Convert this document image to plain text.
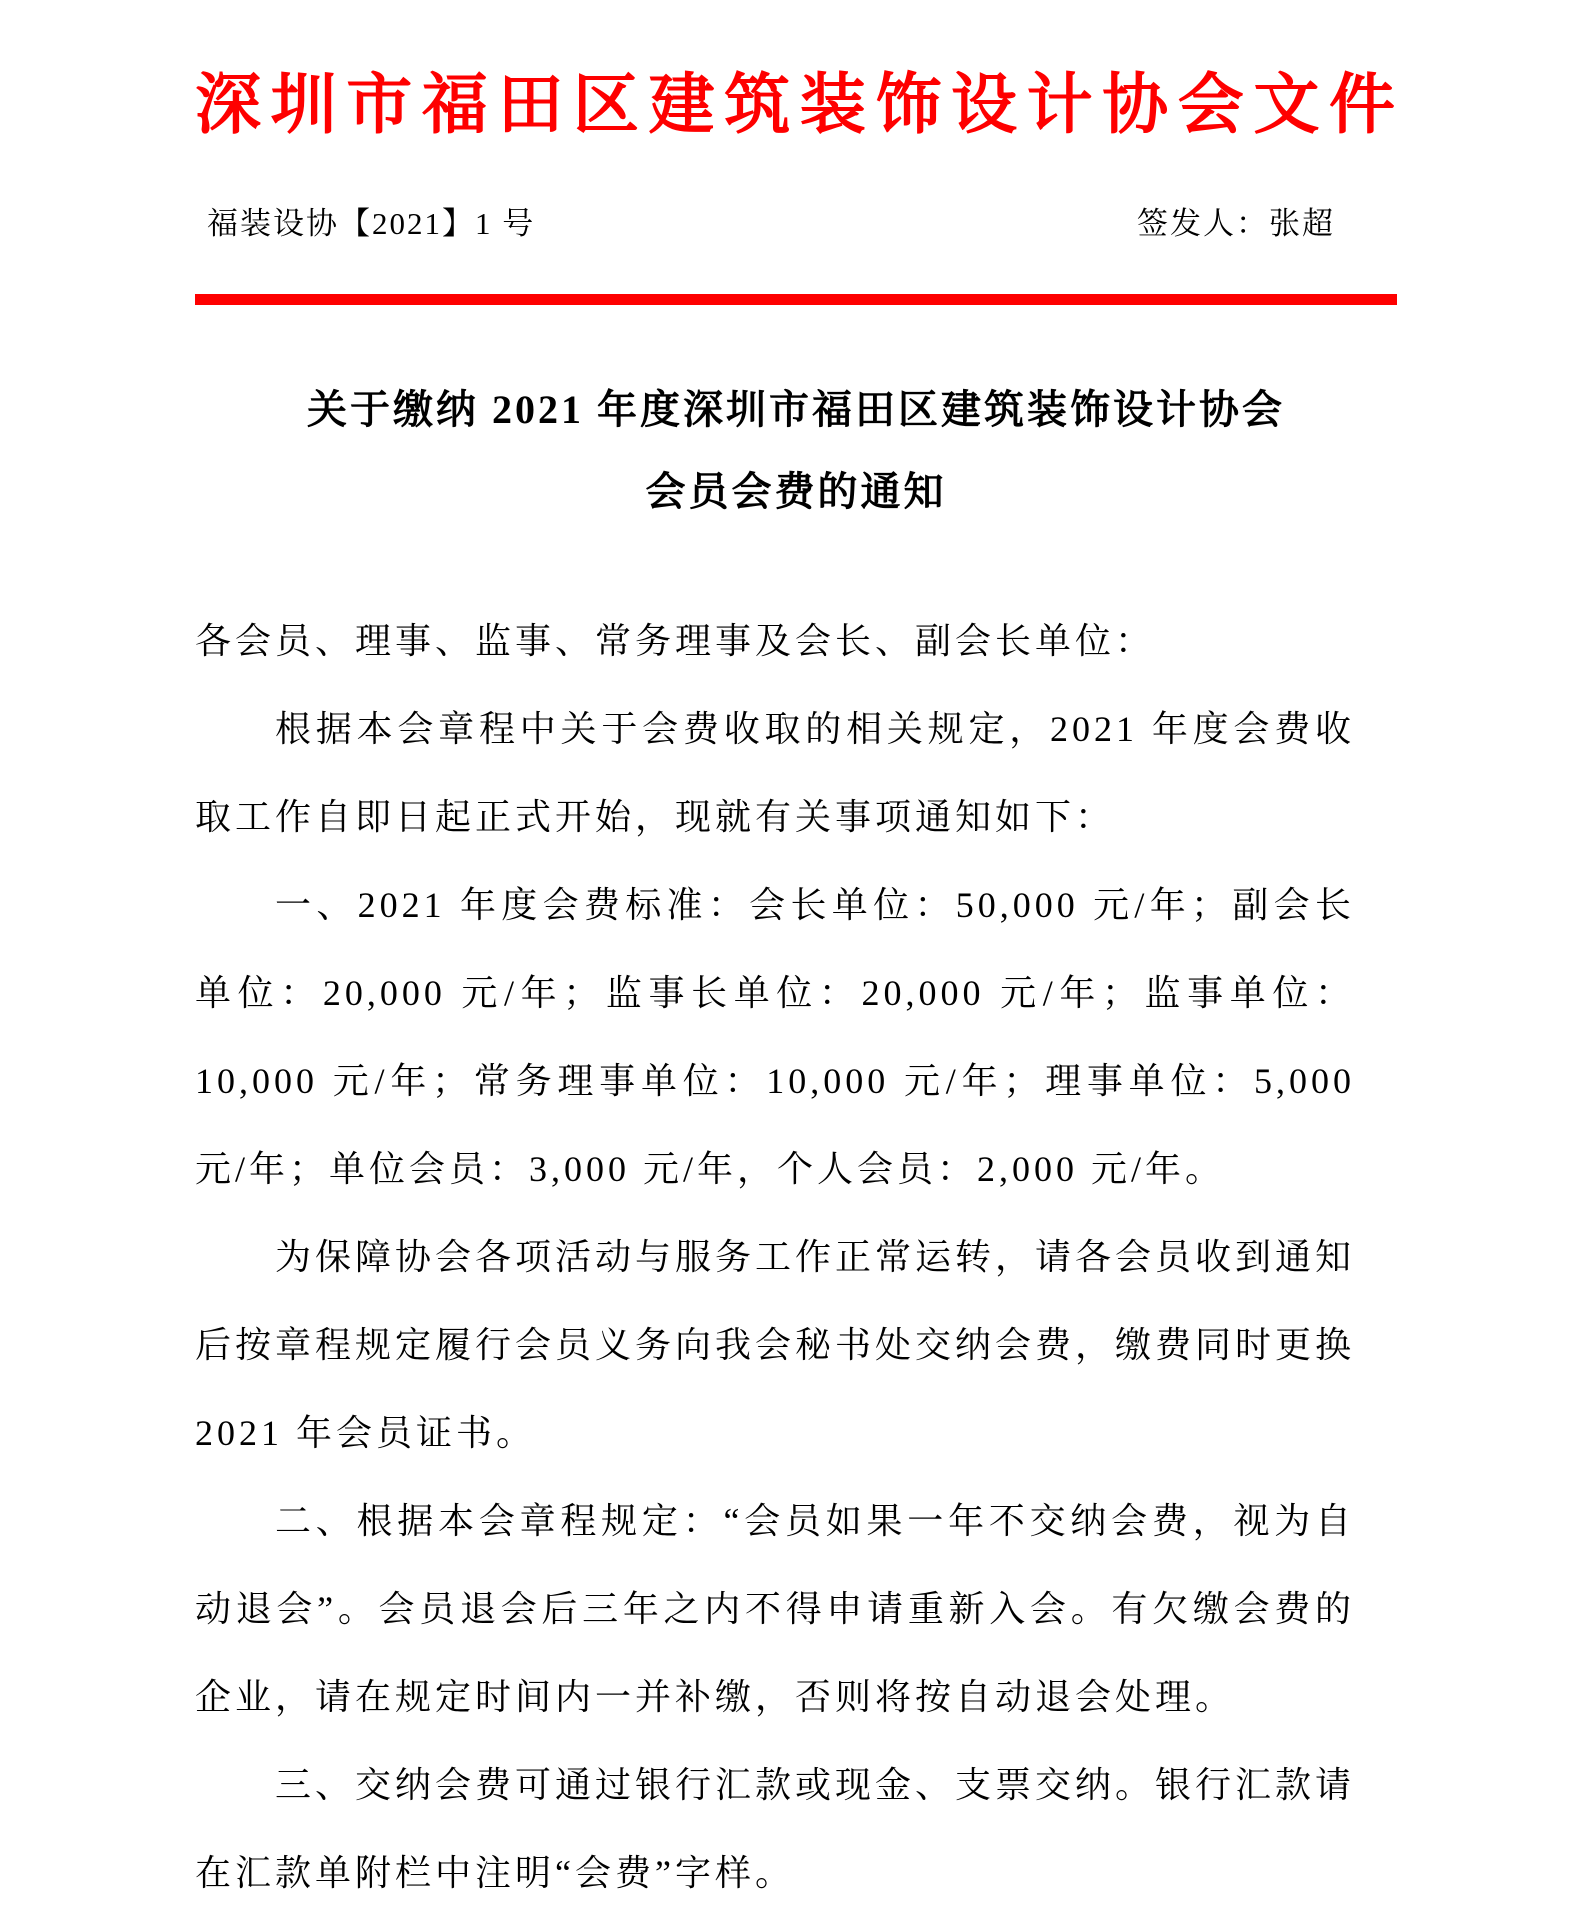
深圳市福田区建筑装饰设计协会文件
福装设协【2021】1 号	签发人：张超
关于缴纳 2021 年度深圳市福田区建筑装饰设计协会
会员会费的通知

各会员、理事、监事、常务理事及会长、副会长单位：

根据本会章程中关于会费收取的相关规定，2021 年度会费收取工作自即日起正式开始，现就有关事项通知如下：

一、2021 年度会费标准：会长单位：50,000 元/年；副会长单位：20,000 元/年；监事长单位：20,000 元/年；监事单位：10,000 元/年；常务理事单位：10,000 元/年；理事单位：5,000 元/年；单位会员：3,000 元/年，个人会员：2,000 元/年。

为保障协会各项活动与服务工作正常运转，请各会员收到通知后按章程规定履行会员义务向我会秘书处交纳会费，缴费同时更换 2021 年会员证书。

二、根据本会章程规定：“会员如果一年不交纳会费，视为自动退会”。会员退会后三年之内不得申请重新入会。有欠缴会费的企业，请在规定时间内一并补缴，否则将按自动退会处理。

三、交纳会费可通过银行汇款或现金、支票交纳。银行汇款请在汇款单附栏中注明“会费”字样。
